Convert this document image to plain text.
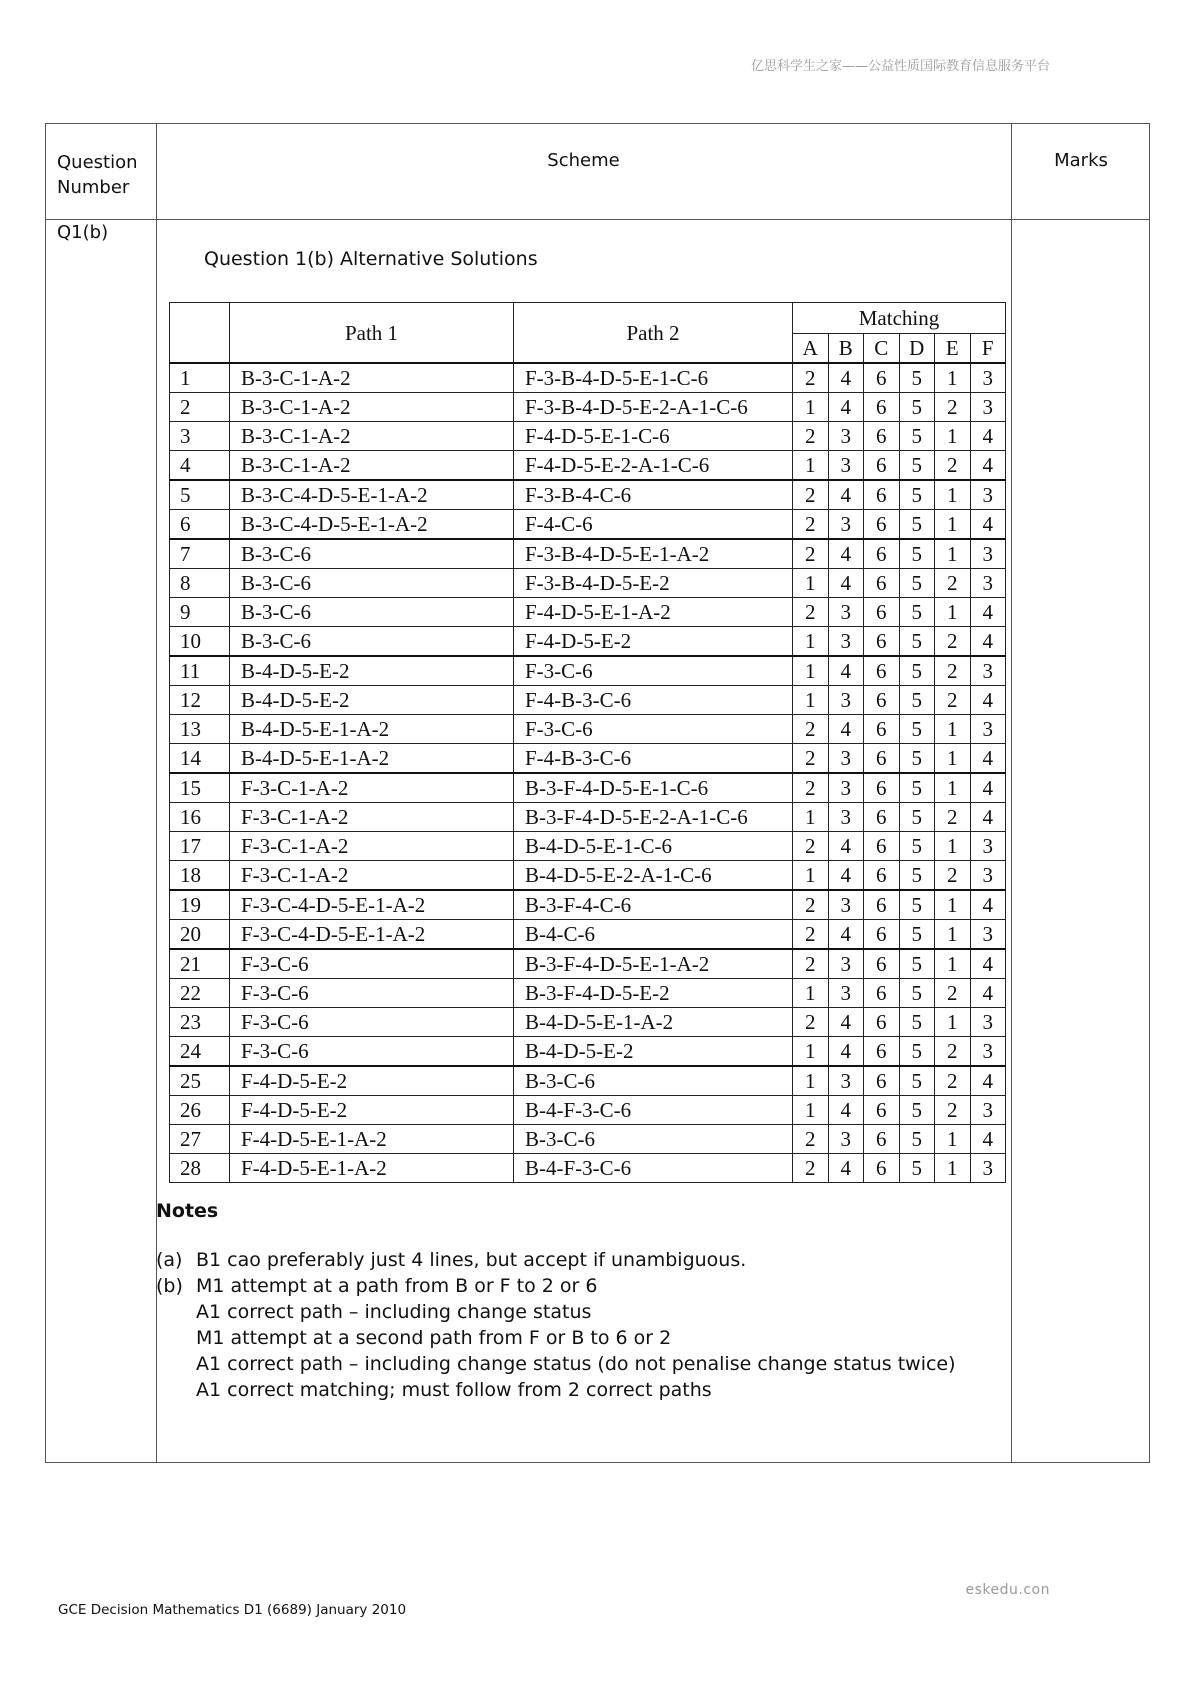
亿思科学生之家——公益性质国际教育信息服务平台
Question Number
Scheme	Marks
Q1(b)
Question 1(b) Alternative Solutions
	Path 1	Path 2	Matching					
			A	B	C	D	E	F
1	B-3-C-1-A-2	F-3-B-4-D-5-E-1-C-6	2	4	6	5	1	3
2	B-3-C-1-A-2	F-3-B-4-D-5-E-2-A-1-C-6	1	4	6	5	2	3
3	B-3-C-1-A-2	F-4-D-5-E-1-C-6	2	3	6	5	1	4
4	B-3-C-1-A-2	F-4-D-5-E-2-A-1-C-6	1	3	6	5	2	4
5	B-3-C-4-D-5-E-1-A-2	F-3-B-4-C-6	2	4	6	5	1	3
6	B-3-C-4-D-5-E-1-A-2	F-4-C-6	2	3	6	5	1	4
7	B-3-C-6	F-3-B-4-D-5-E-1-A-2	2	4	6	5	1	3
8	B-3-C-6	F-3-B-4-D-5-E-2	1	4	6	5	2	3
9	B-3-C-6	F-4-D-5-E-1-A-2	2	3	6	5	1	4
10	B-3-C-6	F-4-D-5-E-2	1	3	6	5	2	4
11	B-4-D-5-E-2	F-3-C-6	1	4	6	5	2	3
12	B-4-D-5-E-2	F-4-B-3-C-6	1	3	6	5	2	4
13	B-4-D-5-E-1-A-2	F-3-C-6	2	4	6	5	1	3
14	B-4-D-5-E-1-A-2	F-4-B-3-C-6	2	3	6	5	1	4
15	F-3-C-1-A-2	B-3-F-4-D-5-E-1-C-6	2	3	6	5	1	4
16	F-3-C-1-A-2	B-3-F-4-D-5-E-2-A-1-C-6	1	3	6	5	2	4
17	F-3-C-1-A-2	B-4-D-5-E-1-C-6	2	4	6	5	1	3
18	F-3-C-1-A-2	B-4-D-5-E-2-A-1-C-6	1	4	6	5	2	3
19	F-3-C-4-D-5-E-1-A-2	B-3-F-4-C-6	2	3	6	5	1	4
20	F-3-C-4-D-5-E-1-A-2	B-4-C-6	2	4	6	5	1	3
21	F-3-C-6	B-3-F-4-D-5-E-1-A-2	2	3	6	5	1	4
22	F-3-C-6	B-3-F-4-D-5-E-2	1	3	6	5	2	4
23	F-3-C-6	B-4-D-5-E-1-A-2	2	4	6	5	1	3
24	F-3-C-6	B-4-D-5-E-2	1	4	6	5	2	3
25	F-4-D-5-E-2	B-3-C-6	1	3	6	5	2	4
26	F-4-D-5-E-2	B-4-F-3-C-6	1	4	6	5	2	3
27	F-4-D-5-E-1-A-2	B-3-C-6	2	3	6	5	1	4
28	F-4-D-5-E-1-A-2	B-4-F-3-C-6	2	4	6	5	1	3
Notes
(a) B1 cao preferably just 4 lines, but accept if unambiguous.
(b) M1 attempt at a path from B or F to 2 or 6
A1 correct path – including change status
M1 attempt at a second path from F or B to 6 or 2
A1 correct path – including change status (do not penalise change status twice)
A1 correct matching; must follow from 2 correct paths
eskedu.con
GCE Decision Mathematics D1 (6689) January 2010
